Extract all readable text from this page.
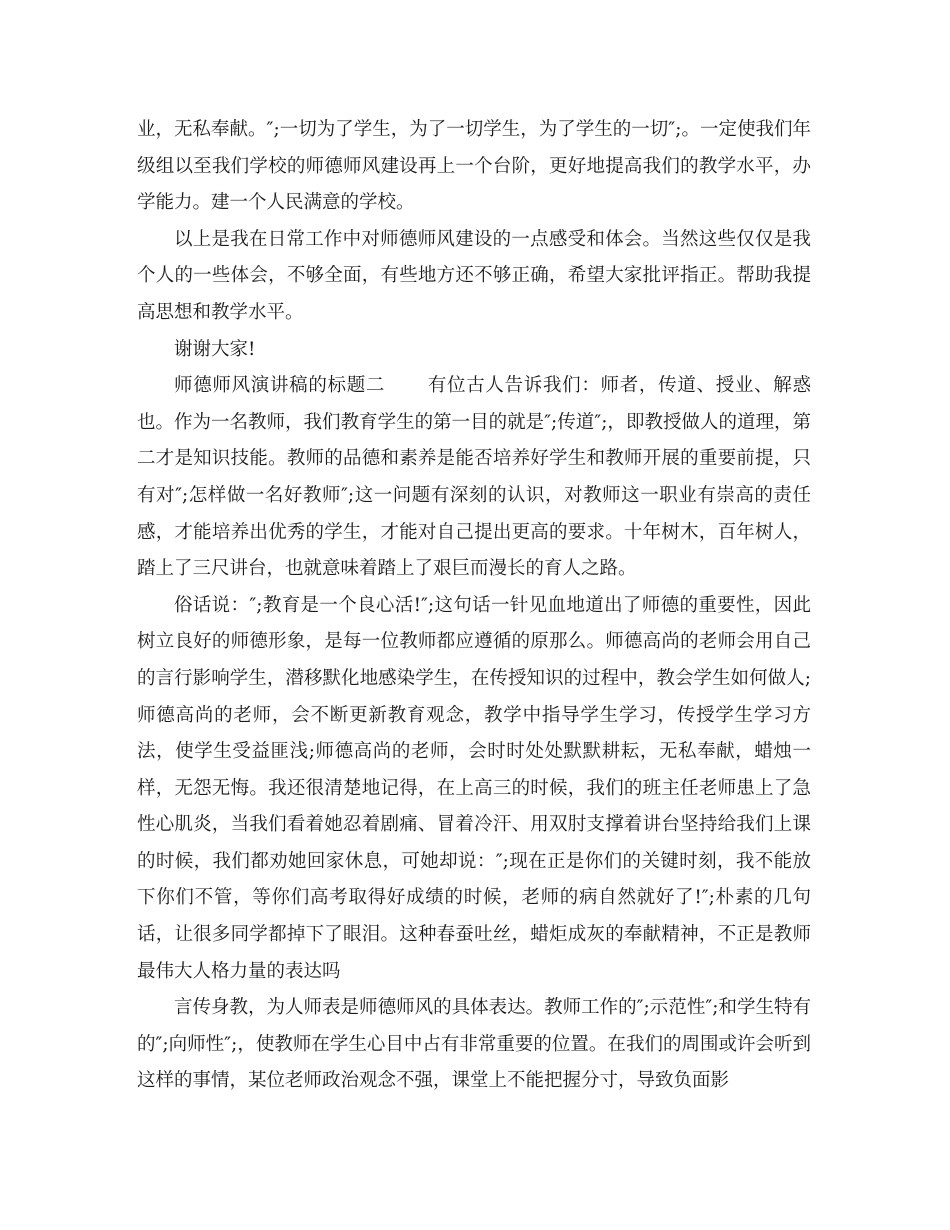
业，无私奉献。″;一切为了学生，为了一切学生，为了学生的一切″;。一定使我们年级组以至我们学校的师德师风建设再上一个台阶，更好地提高我们的教学水平，办学能力。建一个人民满意的学校。

以上是我在日常工作中对师德师风建设的一点感受和体会。当然这些仅仅是我个人的一些体会，不够全面，有些地方还不够正确，希望大家批评指正。帮助我提高思想和教学水平。

谢谢大家!

师德师风演讲稿的标题二 有位古人告诉我们：师者，传道、授业、解惑也。作为一名教师，我们教育学生的第一目的就是″;传道″;，即教授做人的道理，第二才是知识技能。教师的品德和素养是能否培养好学生和教师开展的重要前提，只有对″;怎样做一名好教师″;这一问题有深刻的认识，对教师这一职业有崇高的责任感，才能培养出优秀的学生，才能对自己提出更高的要求。十年树木，百年树人，踏上了三尺讲台，也就意味着踏上了艰巨而漫长的育人之路。

俗话说：″;教育是一个良心活!″;这句话一针见血地道出了师德的重要性，因此树立良好的师德形象，是每一位教师都应遵循的原那么。师德高尚的老师会用自己的言行影响学生，潜移默化地感染学生，在传授知识的过程中，教会学生如何做人;师德高尚的老师，会不断更新教育观念，教学中指导学生学习，传授学生学习方法，使学生受益匪浅;师德高尚的老师，会时时处处默默耕耘，无私奉献，蜡烛一样，无怨无悔。我还很清楚地记得，在上高三的时候，我们的班主任老师患上了急性心肌炎，当我们看着她忍着剧痛、冒着冷汗、用双肘支撑着讲台坚持给我们上课的时候，我们都劝她回家休息，可她却说：″;现在正是你们的关键时刻，我不能放下你们不管，等你们高考取得好成绩的时候，老师的病自然就好了!″;朴素的几句话，让很多同学都掉下了眼泪。这种春蚕吐丝，蜡炬成灰的奉献精神，不正是教师最伟大人格力量的表达吗

言传身教，为人师表是师德师风的具体表达。教师工作的″;示范性″;和学生特有的″;向师性″;，使教师在学生心目中占有非常重要的位置。在我们的周围或许会听到这样的事情，某位老师政治观念不强，课堂上不能把握分寸，导致负面影
